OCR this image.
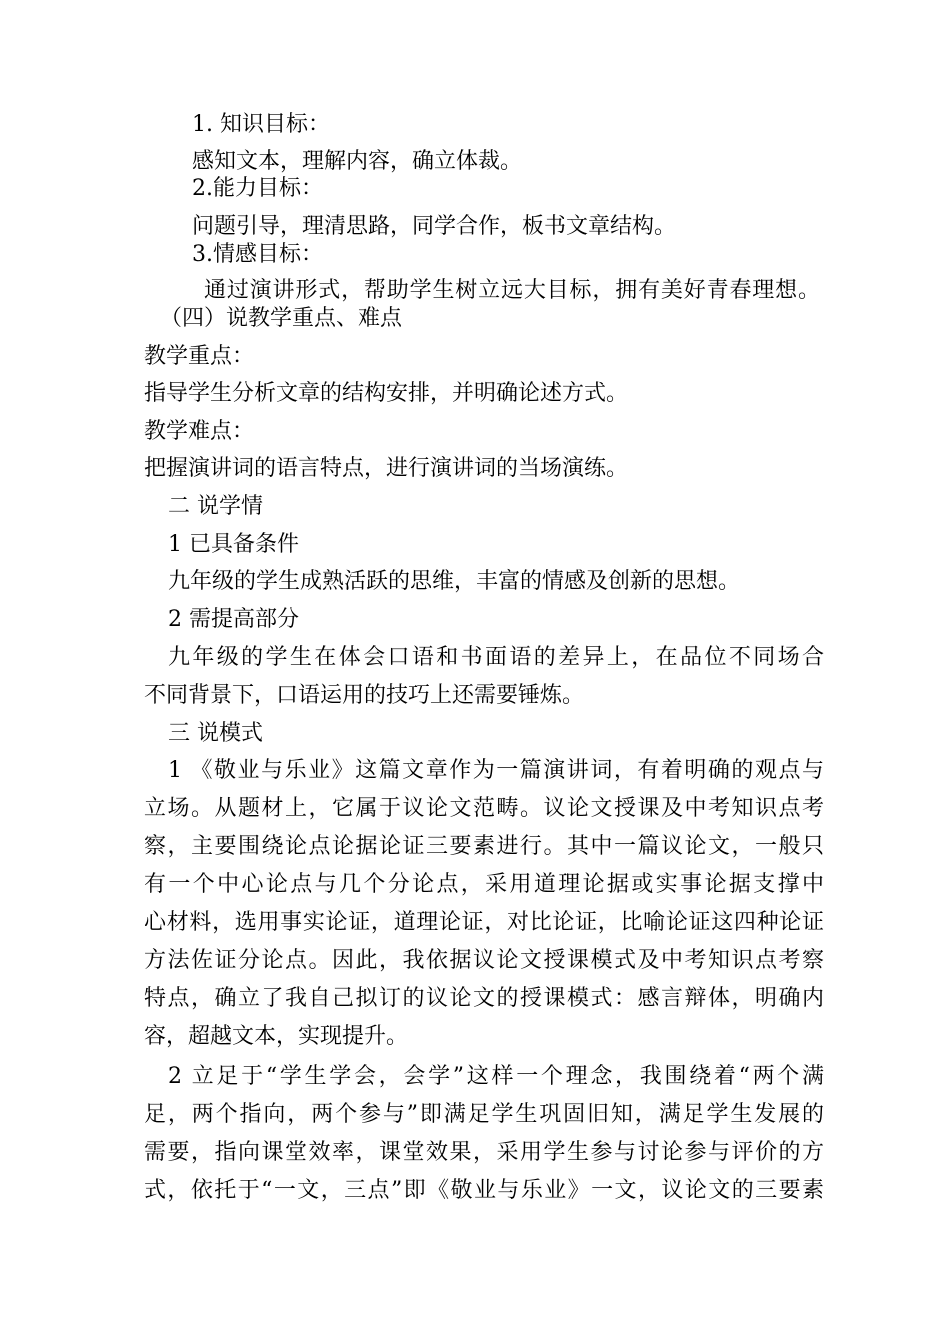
1. 知识目标：

感知文本，理解内容，确立体裁。

2.能力目标：

问题引导，理清思路，同学合作，板书文章结构。

3.情感目标：

通过演讲形式，帮助学生树立远大目标，拥有美好青春理想。

（四）说教学重点、难点

教学重点：

指导学生分析文章的结构安排，并明确论述方式。

教学难点：

把握演讲词的语言特点，进行演讲词的当场演练。

二 说学情

1 已具备条件

九年级的学生成熟活跃的思维，丰富的情感及创新的思想。

2 需提高部分

九年级的学生在体会口语和书面语的差异上，在品位不同场合

不同背景下，口语运用的技巧上还需要锤炼。

三 说模式

1 《敬业与乐业》这篇文章作为一篇演讲词，有着明确的观点与

立场。从题材上，它属于议论文范畴。议论文授课及中考知识点考

察，主要围绕论点论据论证三要素进行。其中一篇议论文，一般只

有一个中心论点与几个分论点，采用道理论据或实事论据支撑中

心材料，选用事实论证，道理论证，对比论证，比喻论证这四种论证

方法佐证分论点。因此，我依据议论文授课模式及中考知识点考察

特点，确立了我自己拟订的议论文的授课模式：感言辩体，明确内

容，超越文本，实现提升。

2 立足于“学生学会，会学”这样一个理念，我围绕着“两个满

足，两个指向，两个参与”即满足学生巩固旧知，满足学生发展的

需要，指向课堂效率，课堂效果，采用学生参与讨论参与评价的方

式，依托于“一文，三点”即《敬业与乐业》一文，议论文的三要素
